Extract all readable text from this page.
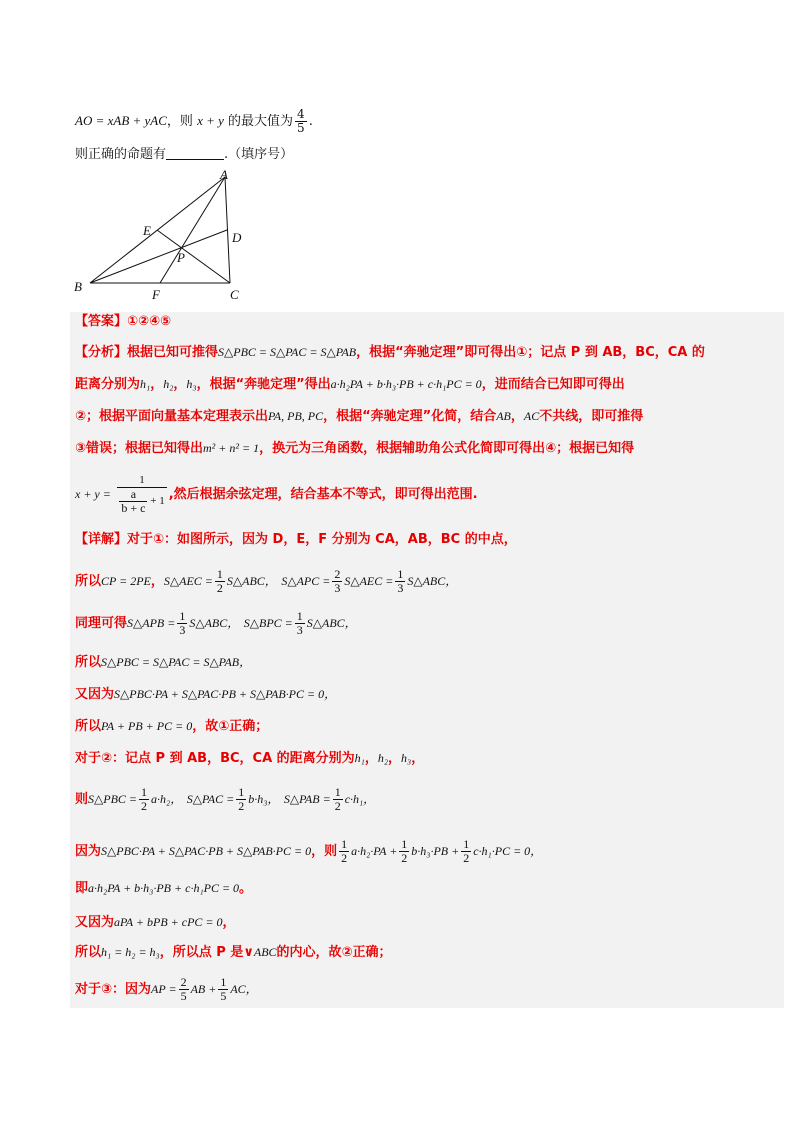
AO = xAB + yAC，则 x + y 的最大值为 $\frac{4}{5}$ .
则正确的命题有	.（填序号）
A
E	D
P
B
F	C
【答案】①②④⑤
【分析】根据已知可推得S△PBC = S△PAC = S△PAB，根据“奔驰定理”即可得出①；记点 P 到 AB，BC，CA 的
距离分别为h₁，h₂，h₃，根据“奔驰定理”得出a·h₂PA + b·h₃·PB + c·h₁PC = 0，进而结合已知即可得出
②；根据平面向量基本定理表示出PA, PB, PC，根据“奔驰定理”化简，结合AB，AC不共线，即可推得
③错误；根据已知得出m² + n² = 1，换元为三角函数，根据辅助角公式化简即可得出④；根据已知得
$x + y = \frac{1}{\frac{a}{b + c} + 1}$ ,然后根据余弦定理，结合基本不等式，即可得出范围.
【详解】对于①：如图所示，因为 D，E，F 分别为 CA，AB，BC 的中点，
所以CP = 2PE，S△AEC = $\frac{1}{2}$ S△ABC， S△APC = $\frac{2}{3}$ S△AEC = $\frac{1}{3}$ S△ABC，
同理可得S△APB = $\frac{1}{3}$ S△ABC， S△BPC = $\frac{1}{3}$ S△ABC，
所以S△PBC = S△PAC = S△PAB，
又因为S△PBC·PA + S△PAC·PB + S△PAB·PC = 0，
所以PA + PB + PC = 0，故①正确；
对于②：记点 P 到 AB，BC，CA 的距离分别为h₁，h₂，h₃，
则S△PBC = $\frac{1}{2} a\cdot h_2$， S△PAC = $\frac{1}{2} b\cdot h_3$， S△PAB = $\frac{1}{2} c\cdot h_1$，
因为S△PBC·PA + S△PAC·PB + S△PAB·PC = 0，则 $\frac{1}{2} a\cdot h_2\cdot PA + \frac{1}{2} b\cdot h_3\cdot PB + \frac{1}{2} c\cdot h_1\cdot PC = 0$，
即a·h₂PA + b·h₃·PB + c·h₁PC = 0。
又因为aPA + bPB + cPC = 0，
所以h₁ = h₂ = h₃，所以点 P 是∨ABC的内心，故②正确；
对于③：因为AP = $\frac{2}{5}$ AB + $\frac{1}{5}$ AC，
